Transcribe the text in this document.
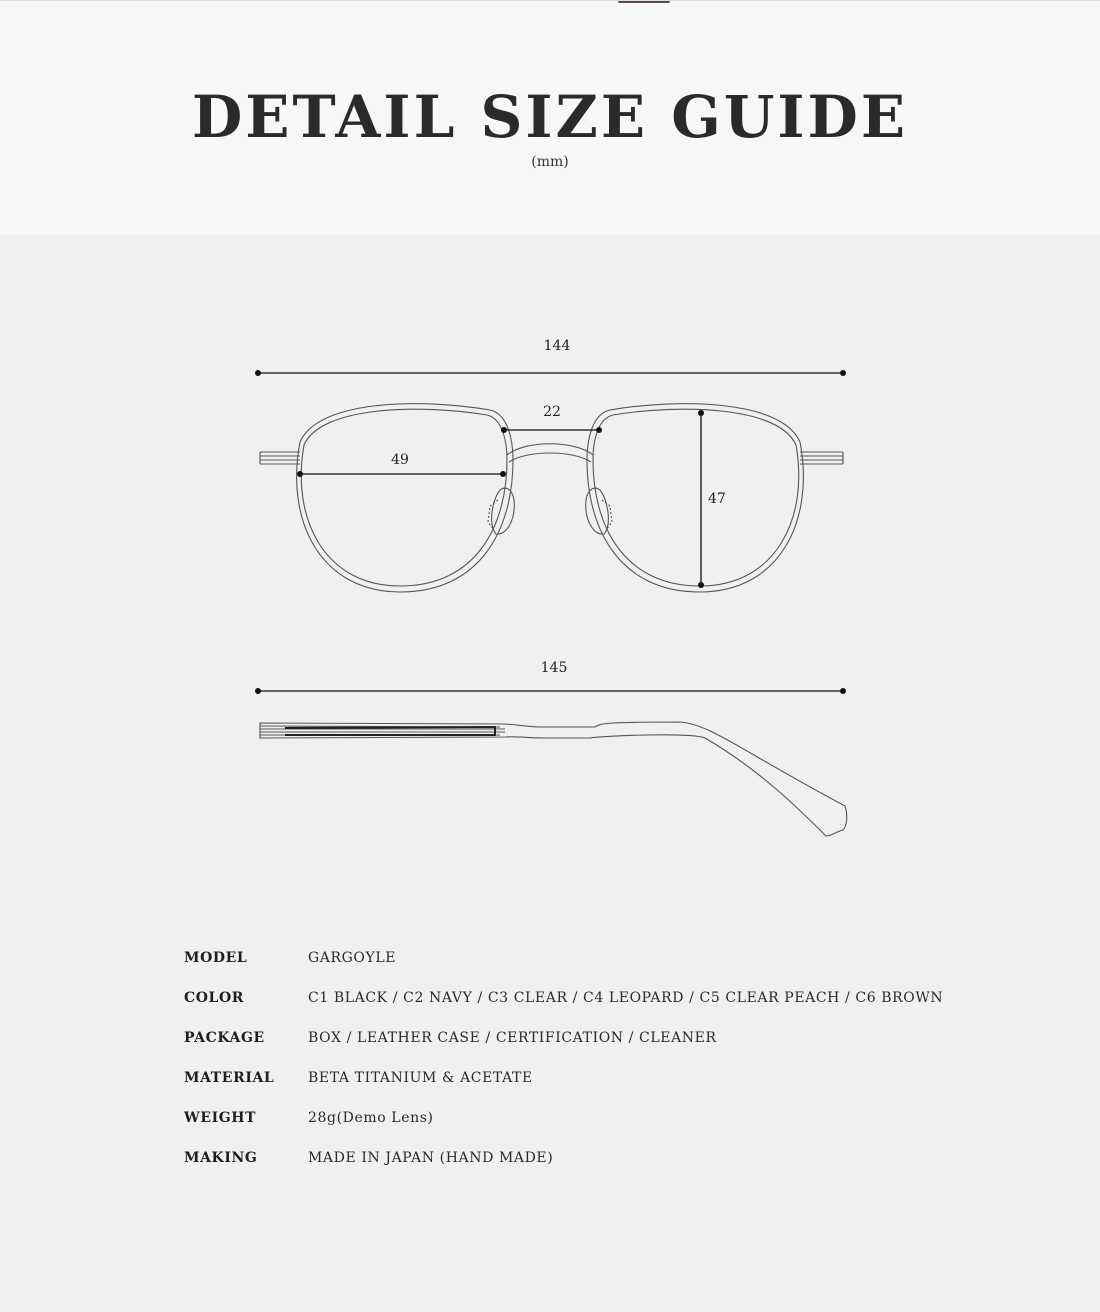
DETAIL SIZE GUIDE
(mm)
144
22
49
47
145
MODEL	GARGOYLE
COLOR	C1 BLACK / C2 NAVY / C3 CLEAR / C4 LEOPARD / C5 CLEAR PEACH / C6 BROWN
PACKAGE	BOX / LEATHER CASE / CERTIFICATION / CLEANER
MATERIAL	BETA TITANIUM & ACETATE
WEIGHT	28g(Demo Lens)
MAKING	MADE IN JAPAN (HAND MADE)
